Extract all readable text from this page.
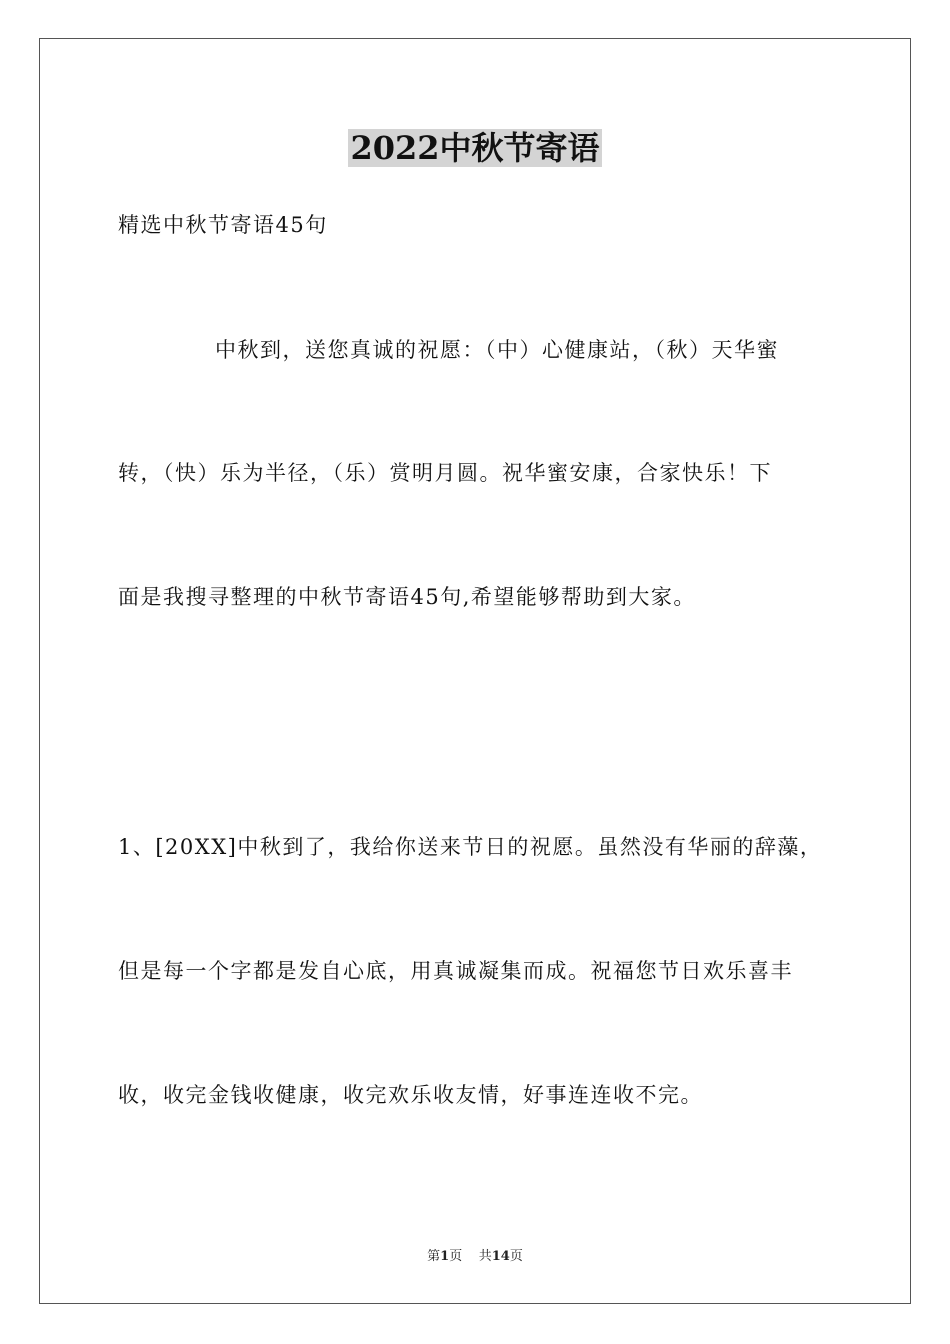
2022中秋节寄语
精选中秋节寄语45句
中秋到，送您真诚的祝愿：（中）心健康站，（秋）天华蜜
转，（快）乐为半径，（乐）赏明月圆。祝华蜜安康，合家快乐！下
面是我搜寻整理的中秋节寄语45句,希望能够帮助到大家。
1、[20XX]中秋到了，我给你送来节日的祝愿。虽然没有华丽的辞藻，
但是每一个字都是发自心底，用真诚凝集而成。祝福您节日欢乐喜丰
收，收完金钱收健康，收完欢乐收友情，好事连连收不完。
第1页 共14页
